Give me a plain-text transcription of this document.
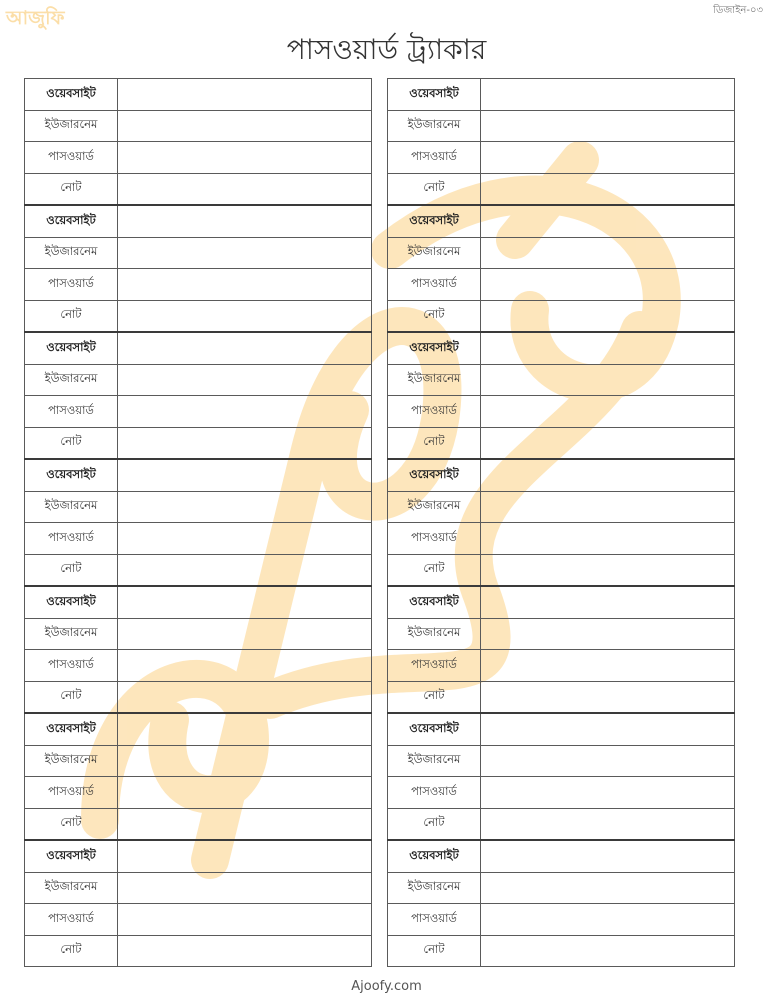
আজুফি	ডিজাইন-০৩
পাসওয়ার্ড ট্র্যাকার
ওয়েবসাইট	
ইউজারনেম	
পাসওয়ার্ড	
নোট	
ওয়েবসাইট	
ইউজারনেম	
পাসওয়ার্ড	
নোট	
ওয়েবসাইট	
ইউজারনেম	
পাসওয়ার্ড	
নোট	
ওয়েবসাইট	
ইউজারনেম	
পাসওয়ার্ড	
নোট	
ওয়েবসাইট	
ইউজারনেম	
পাসওয়ার্ড	
নোট	
ওয়েবসাইট	
ইউজারনেম	
পাসওয়ার্ড	
নোট	
ওয়েবসাইট	
ইউজারনেম	
পাসওয়ার্ড	
নোট	
ওয়েবসাইট	
ইউজারনেম	
পাসওয়ার্ড	
নোট	
ওয়েবসাইট	
ইউজারনেম	
পাসওয়ার্ড	
নোট	
ওয়েবসাইট	
ইউজারনেম	
পাসওয়ার্ড	
নোট	
ওয়েবসাইট	
ইউজারনেম	
পাসওয়ার্ড	
নোট	
ওয়েবসাইট	
ইউজারনেম	
পাসওয়ার্ড	
নোট	
ওয়েবসাইট	
ইউজারনেম	
পাসওয়ার্ড	
নোট	
ওয়েবসাইট	
ইউজারনেম	
পাসওয়ার্ড	
নোট	
Ajoofy.com
